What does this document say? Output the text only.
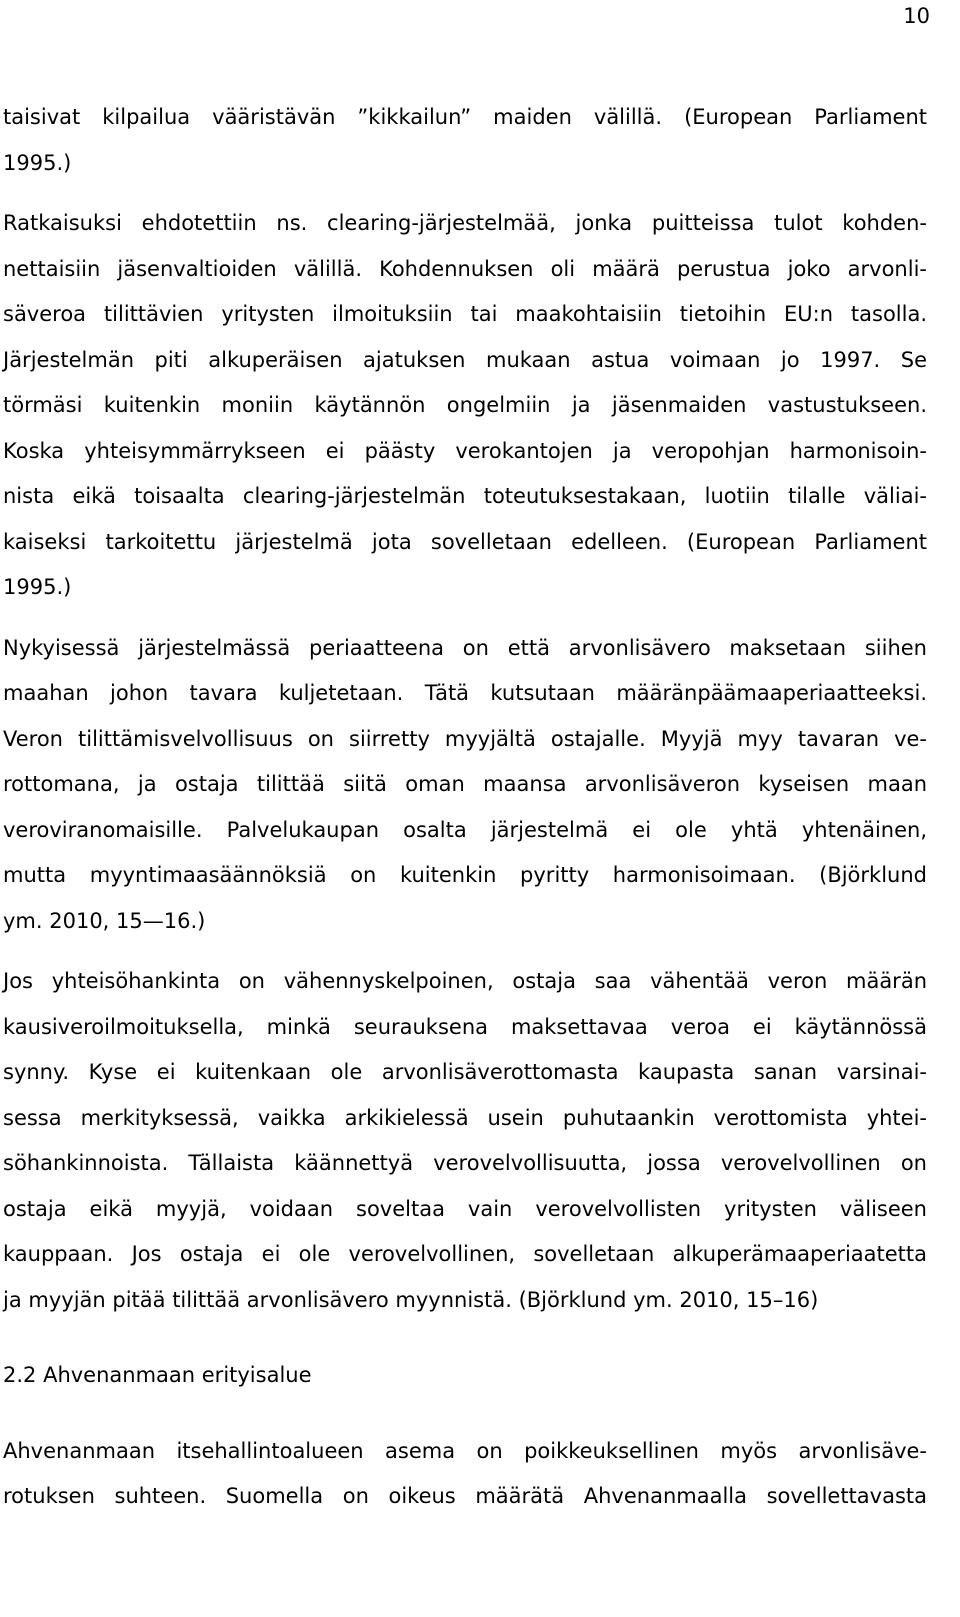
10
taisivat kilpailua vääristävän ”kikkailun” maiden välillä. (European Parliament
1995.)
Ratkaisuksi ehdotettiin ns. clearing-järjestelmää, jonka puitteissa tulot kohden-
nettaisiin jäsenvaltioiden välillä. Kohdennuksen oli määrä perustua joko arvonli-
säveroa tilittävien yritysten ilmoituksiin tai maakohtaisiin tietoihin EU:n tasolla.
Järjestelmän piti alkuperäisen ajatuksen mukaan astua voimaan jo 1997. Se
törmäsi kuitenkin moniin käytännön ongelmiin ja jäsenmaiden vastustukseen.
Koska yhteisymmärrykseen ei päästy verokantojen ja veropohjan harmonisoin-
nista eikä toisaalta clearing-järjestelmän toteutuksestakaan, luotiin tilalle väliai-
kaiseksi tarkoitettu järjestelmä jota sovelletaan edelleen. (European Parliament
1995.)
Nykyisessä järjestelmässä periaatteena on että arvonlisävero maksetaan siihen
maahan johon tavara kuljetetaan. Tätä kutsutaan määränpäämaaperiaatteeksi.
Veron tilittämisvelvollisuus on siirretty myyjältä ostajalle. Myyjä myy tavaran ve-
rottomana, ja ostaja tilittää siitä oman maansa arvonlisäveron kyseisen maan
veroviranomaisille. Palvelukaupan osalta järjestelmä ei ole yhtä yhtenäinen,
mutta myyntimaasäännöksiä on kuitenkin pyritty harmonisoimaan. (Björklund
ym. 2010, 15—16.)
Jos yhteisöhankinta on vähennyskelpoinen, ostaja saa vähentää veron määrän
kausiveroilmoituksella, minkä seurauksena maksettavaa veroa ei käytännössä
synny. Kyse ei kuitenkaan ole arvonlisäverottomasta kaupasta sanan varsinai-
sessa merkityksessä, vaikka arkikielessä usein puhutaankin verottomista yhtei-
söhankinnoista. Tällaista käännettyä verovelvollisuutta, jossa verovelvollinen on
ostaja eikä myyjä, voidaan soveltaa vain verovelvollisten yritysten väliseen
kauppaan. Jos ostaja ei ole verovelvollinen, sovelletaan alkuperämaaperiaatetta
ja myyjän pitää tilittää arvonlisävero myynnistä. (Björklund ym. 2010, 15–16)
2.2 Ahvenanmaan erityisalue
Ahvenanmaan itsehallintoalueen asema on poikkeuksellinen myös arvonlisäve-
rotuksen suhteen. Suomella on oikeus määrätä Ahvenanmaalla sovellettavasta
